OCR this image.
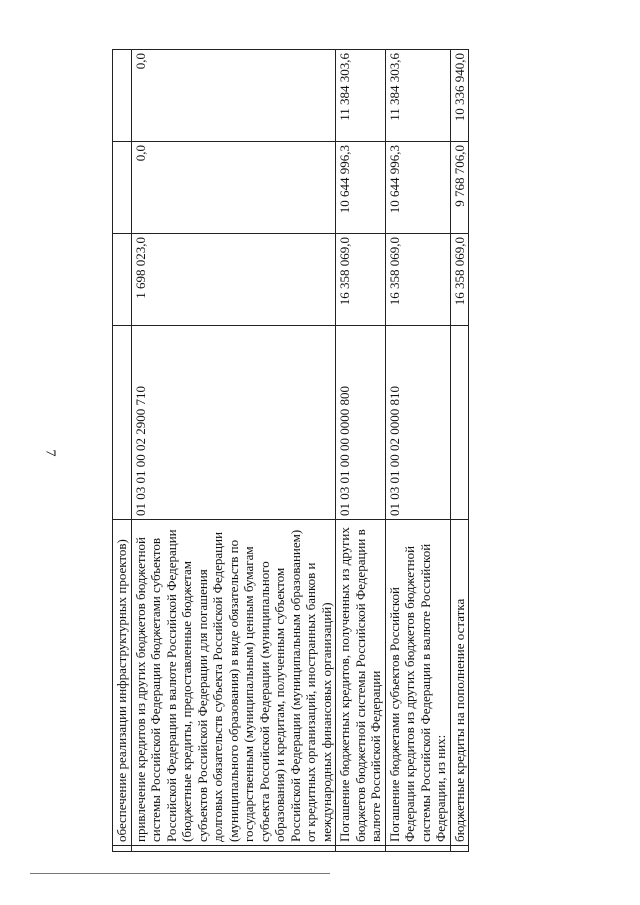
7
	обеспечение реализации инфраструктурных проектов)				
	привлечение кредитов из других бюджетов бюджетной системы Российской Федерации бюджетами субъектов Российской Федерации в валюте Российской Федерации (бюджетные кредиты, предоставленные бюджетам субъектов Российской Федерации для погашения долговых обязательств субъекта Российской Федерации (муниципального образования) в виде обязательств по государственным (муниципальным) ценным бумагам субъекта Российской Федерации (муниципального образования) и кредитам, полученным субъектом Российской Федерации (муниципальным образованием) от кредитных организаций, иностранных банков и международных финансовых организаций)	01 03 01 00 02 2900 710	1 698 023,0	0,0	0,0
	Погашение бюджетных кредитов, полученных из других бюджетов бюджетной системы Российской Федерации в валюте Российской Федерации	01 03 01 00 00 0000 800	16 358 069,0	10 644 996,3	11 384 303,6
	Погашение бюджетами субъектов Российской Федерации кредитов из других бюджетов бюджетной системы Российской Федерации в валюте Российской Федерации, из них:	01 03 01 00 02 0000 810	16 358 069,0	10 644 996,3	11 384 303,6
	бюджетные кредиты на пополнение остатка		16 358 069,0	9 768 706,0	10 336 940,0
